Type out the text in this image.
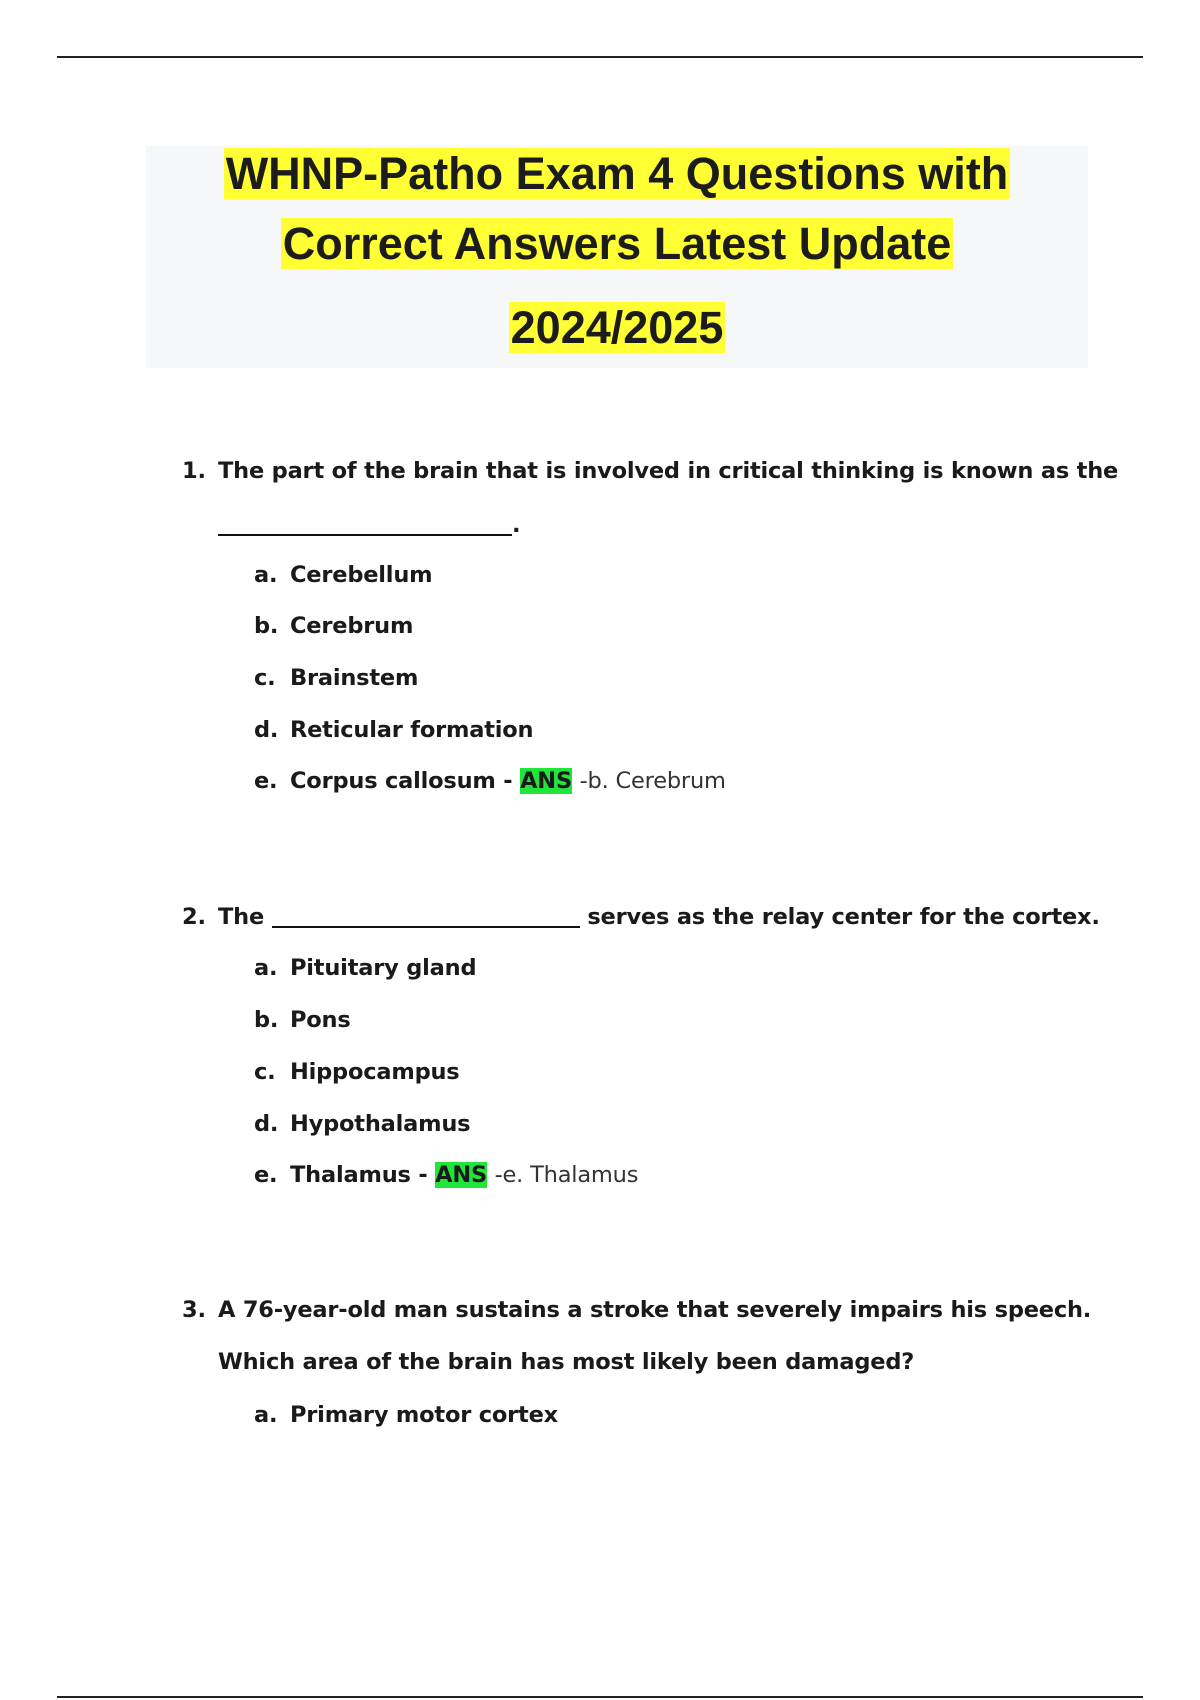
WHNP-Patho Exam 4 Questions with
Correct Answers Latest Update
2024/2025
1. The part of the brain that is involved in critical thinking is known as the
.
a. Cerebellum
b. Cerebrum
c. Brainstem
d. Reticular formation
e. Corpus callosum - ANS -b. Cerebrum
2. The	serves as the relay center for the cortex.
a. Pituitary gland
b. Pons
c. Hippocampus
d. Hypothalamus
e. Thalamus - ANS -e. Thalamus
3. A 76-year-old man sustains a stroke that severely impairs his speech.
Which area of the brain has most likely been damaged?
a. Primary motor cortex
